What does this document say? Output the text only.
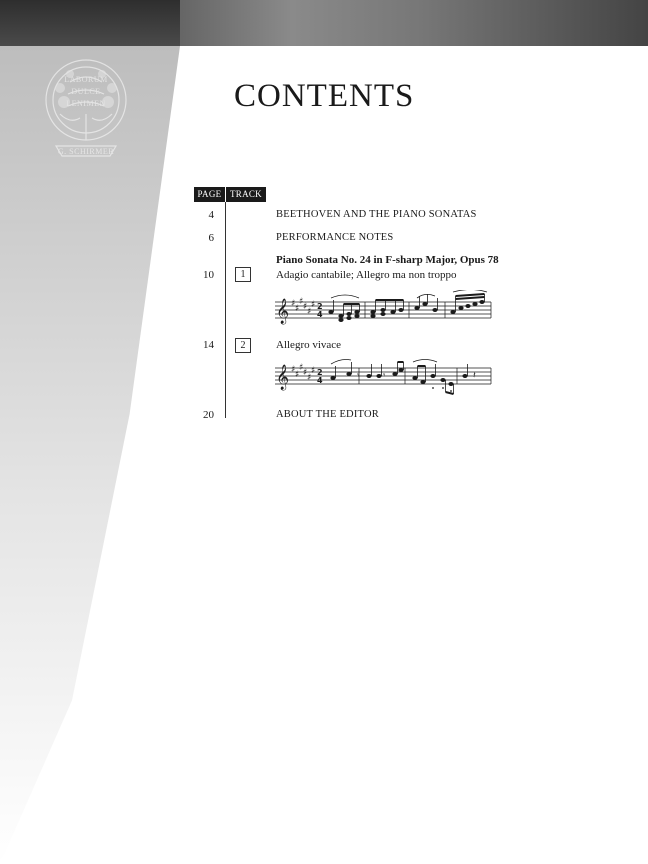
LABORUM
DULCE
LENIMEN
G. SCHIRMER
CONTENTS
PAGE TRACK
4	BEETHOVEN AND THE PIANO SONATAS
6	PERFORMANCE NOTES
Piano Sonata No. 24 in F-sharp Major, Opus 78
10	1	Adagio cantabile; Allegro ma non troppo
𝄞 ♯ ♯
♯ ♯ ♯
♯ 2
4
14	2	Allegro vivace
𝄞 ♯ ♯
♯ ♯ ♯
♯ 2
4	𝄾	𝄾	𝄽
20	ABOUT THE EDITOR
